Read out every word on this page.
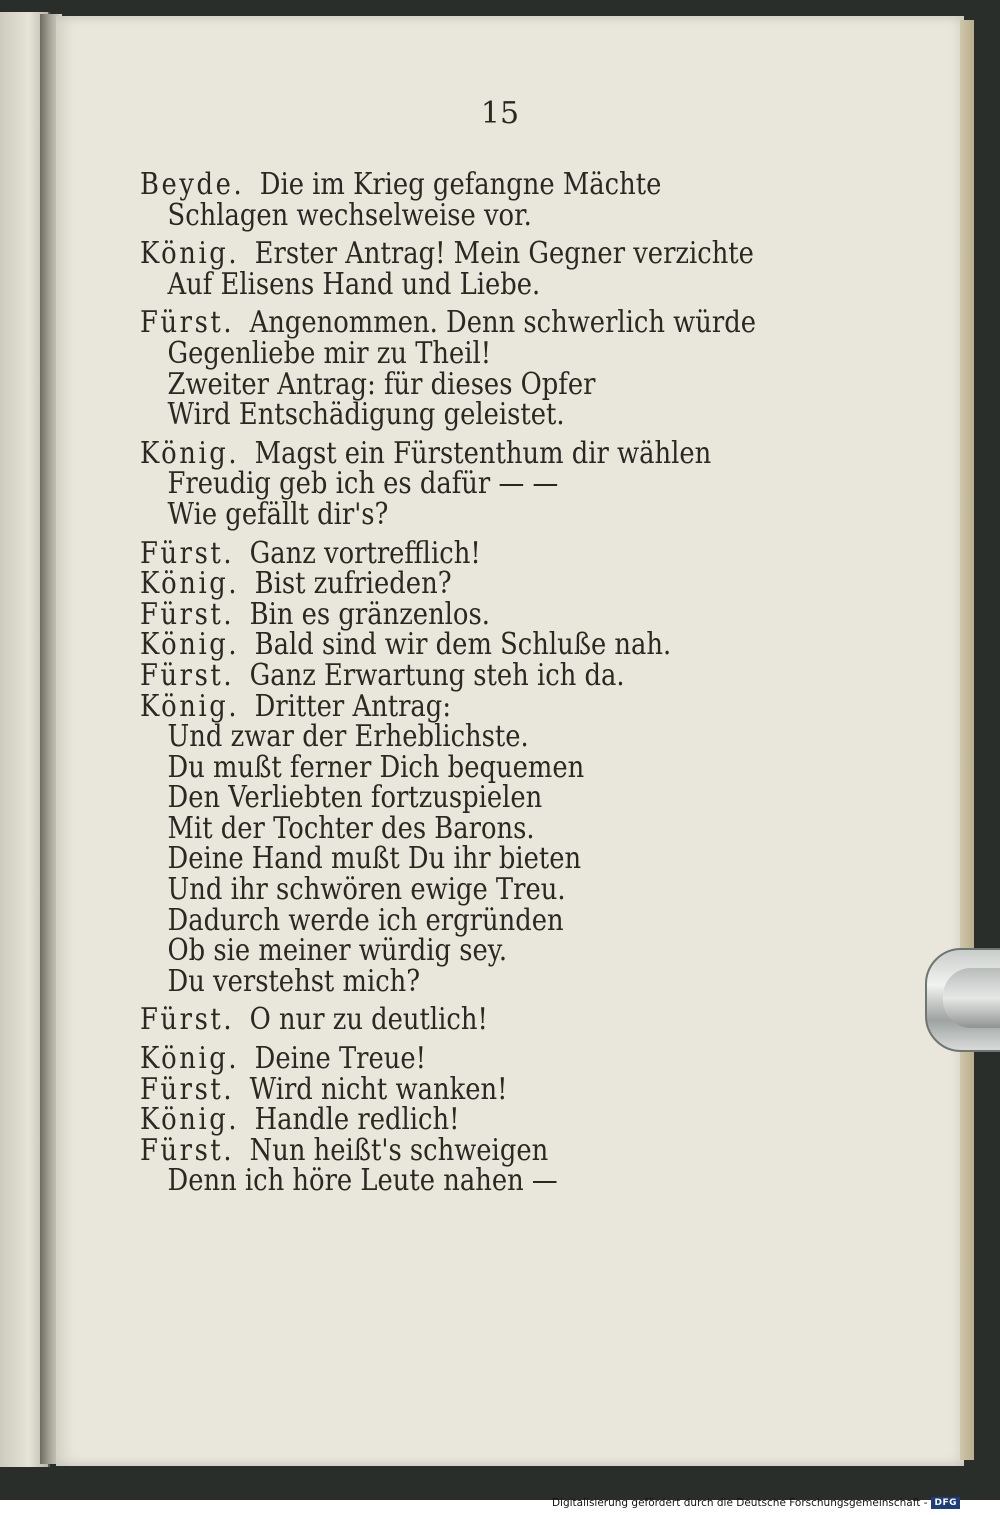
15
Beyde. Die im Krieg gefangne Mächte
Schlagen wechselweise vor.
König. Erster Antrag! Mein Gegner verzichte
Auf Elisens Hand und Liebe.
Fürst. Angenommen. Denn schwerlich würde
Gegenliebe mir zu Theil!
Zweiter Antrag: für dieses Opfer
Wird Entschädigung geleistet.
König. Magst ein Fürstenthum dir wählen
Freudig geb ich es dafür — —
Wie gefällt dir's?
Fürst. Ganz vortrefflich!
König. Bist zufrieden?
Fürst. Bin es gränzenlos.
König. Bald sind wir dem Schluße nah.
Fürst. Ganz Erwartung steh ich da.
König. Dritter Antrag:
Und zwar der Erheblichste.
Du mußt ferner Dich bequemen
Den Verliebten fortzuspielen
Mit der Tochter des Barons.
Deine Hand mußt Du ihr bieten
Und ihr schwören ewige Treu.
Dadurch werde ich ergründen
Ob sie meiner würdig sey.
Du verstehst mich?
Fürst. O nur zu deutlich!
König. Deine Treue!
Fürst. Wird nicht wanken!
König. Handle redlich!
Fürst. Nun heißt's schweigen
Denn ich höre Leute nahen —
Digitalisierung gefördert durch die Deutsche Forschungsgemeinschaft - DFG
